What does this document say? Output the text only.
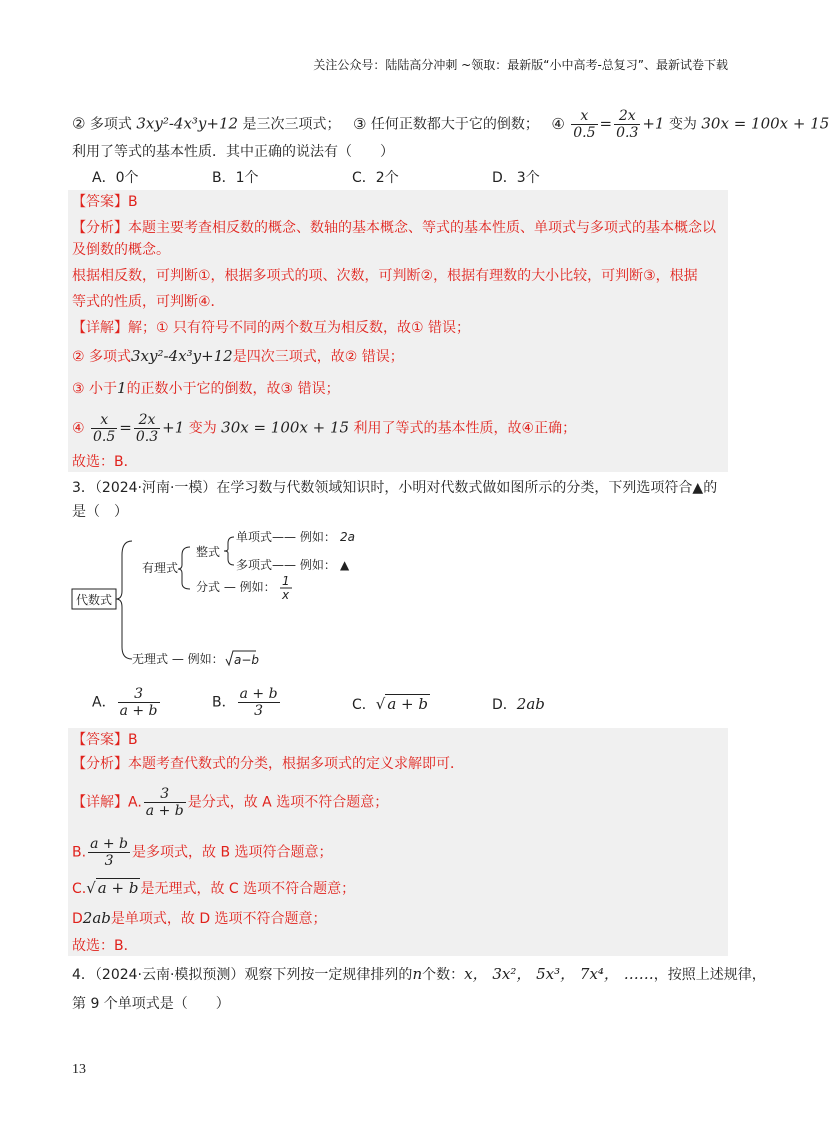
关注公众号：陆陆高分冲刺 ~领取：最新版“小中高考-总复习”、最新试卷下载
② 多项式 3xy²-4x³y+12 是三次三项式； ③ 任何正数都大于它的倒数； ④ $\frac{x}{0.5} = \frac{2x}{0.3} +1$ 变为 30x = 100x + 15
利用了等式的基本性质．其中正确的说法有（　　）
A．0个	B．1个	C．2个	D．3个
【答案】B
【分析】本题主要考查相反数的概念、数轴的基本概念、等式的基本性质、单项式与多项式的基本概念以
及倒数的概念。
根据相反数，可判断①，根据多项式的项、次数，可判断②，根据有理数的大小比较，可判断③，根据
等式的性质，可判断④．
【详解】解；① 只有符号不同的两个数互为相反数，故① 错误；
② 多项式3xy²-4x³y+12是四次三项式，故② 错误；
③ 小于1的正数小于它的倒数，故③ 错误；
④ $\frac{x}{0.5} = \frac{2x}{0.3} +1$ 变为 30x = 100x + 15 利用了等式的基本性质，故④正确；
故选：B．
3．（2024·河南·一模）在学习数与代数领域知识时，小明对代数式做如图所示的分类，下列选项符合▲的
是（　）
代数式
有理式
整式
单项式—— 例如： 2a
多项式—— 例如： ▲
分式 — 例如： 1
x
无理式 — 例如： a−b
A． $\frac{3}{a + b}$	B． $\frac{a + b}{3}$	C．√ a + b	D．2ab
【答案】B
【分析】本题考查代数式的分类，根据多项式的定义求解即可．
【详解】A. $\frac{3}{a + b}$ 是分式，故 A 选项不符合题意；
B. $\frac{a + b}{3}$ 是多项式，故 B 选项符合题意；
C.√ a + b 是无理式，故 C 选项不符合题意；
D2ab是单项式，故 D 选项不符合题意；
故选：B．
4．（2024·云南·模拟预测）观察下列按一定规律排列的n个数：x， 3x²， 5x³， 7x⁴， ……，按照上述规律，
第 9 个单项式是（　　）
13
